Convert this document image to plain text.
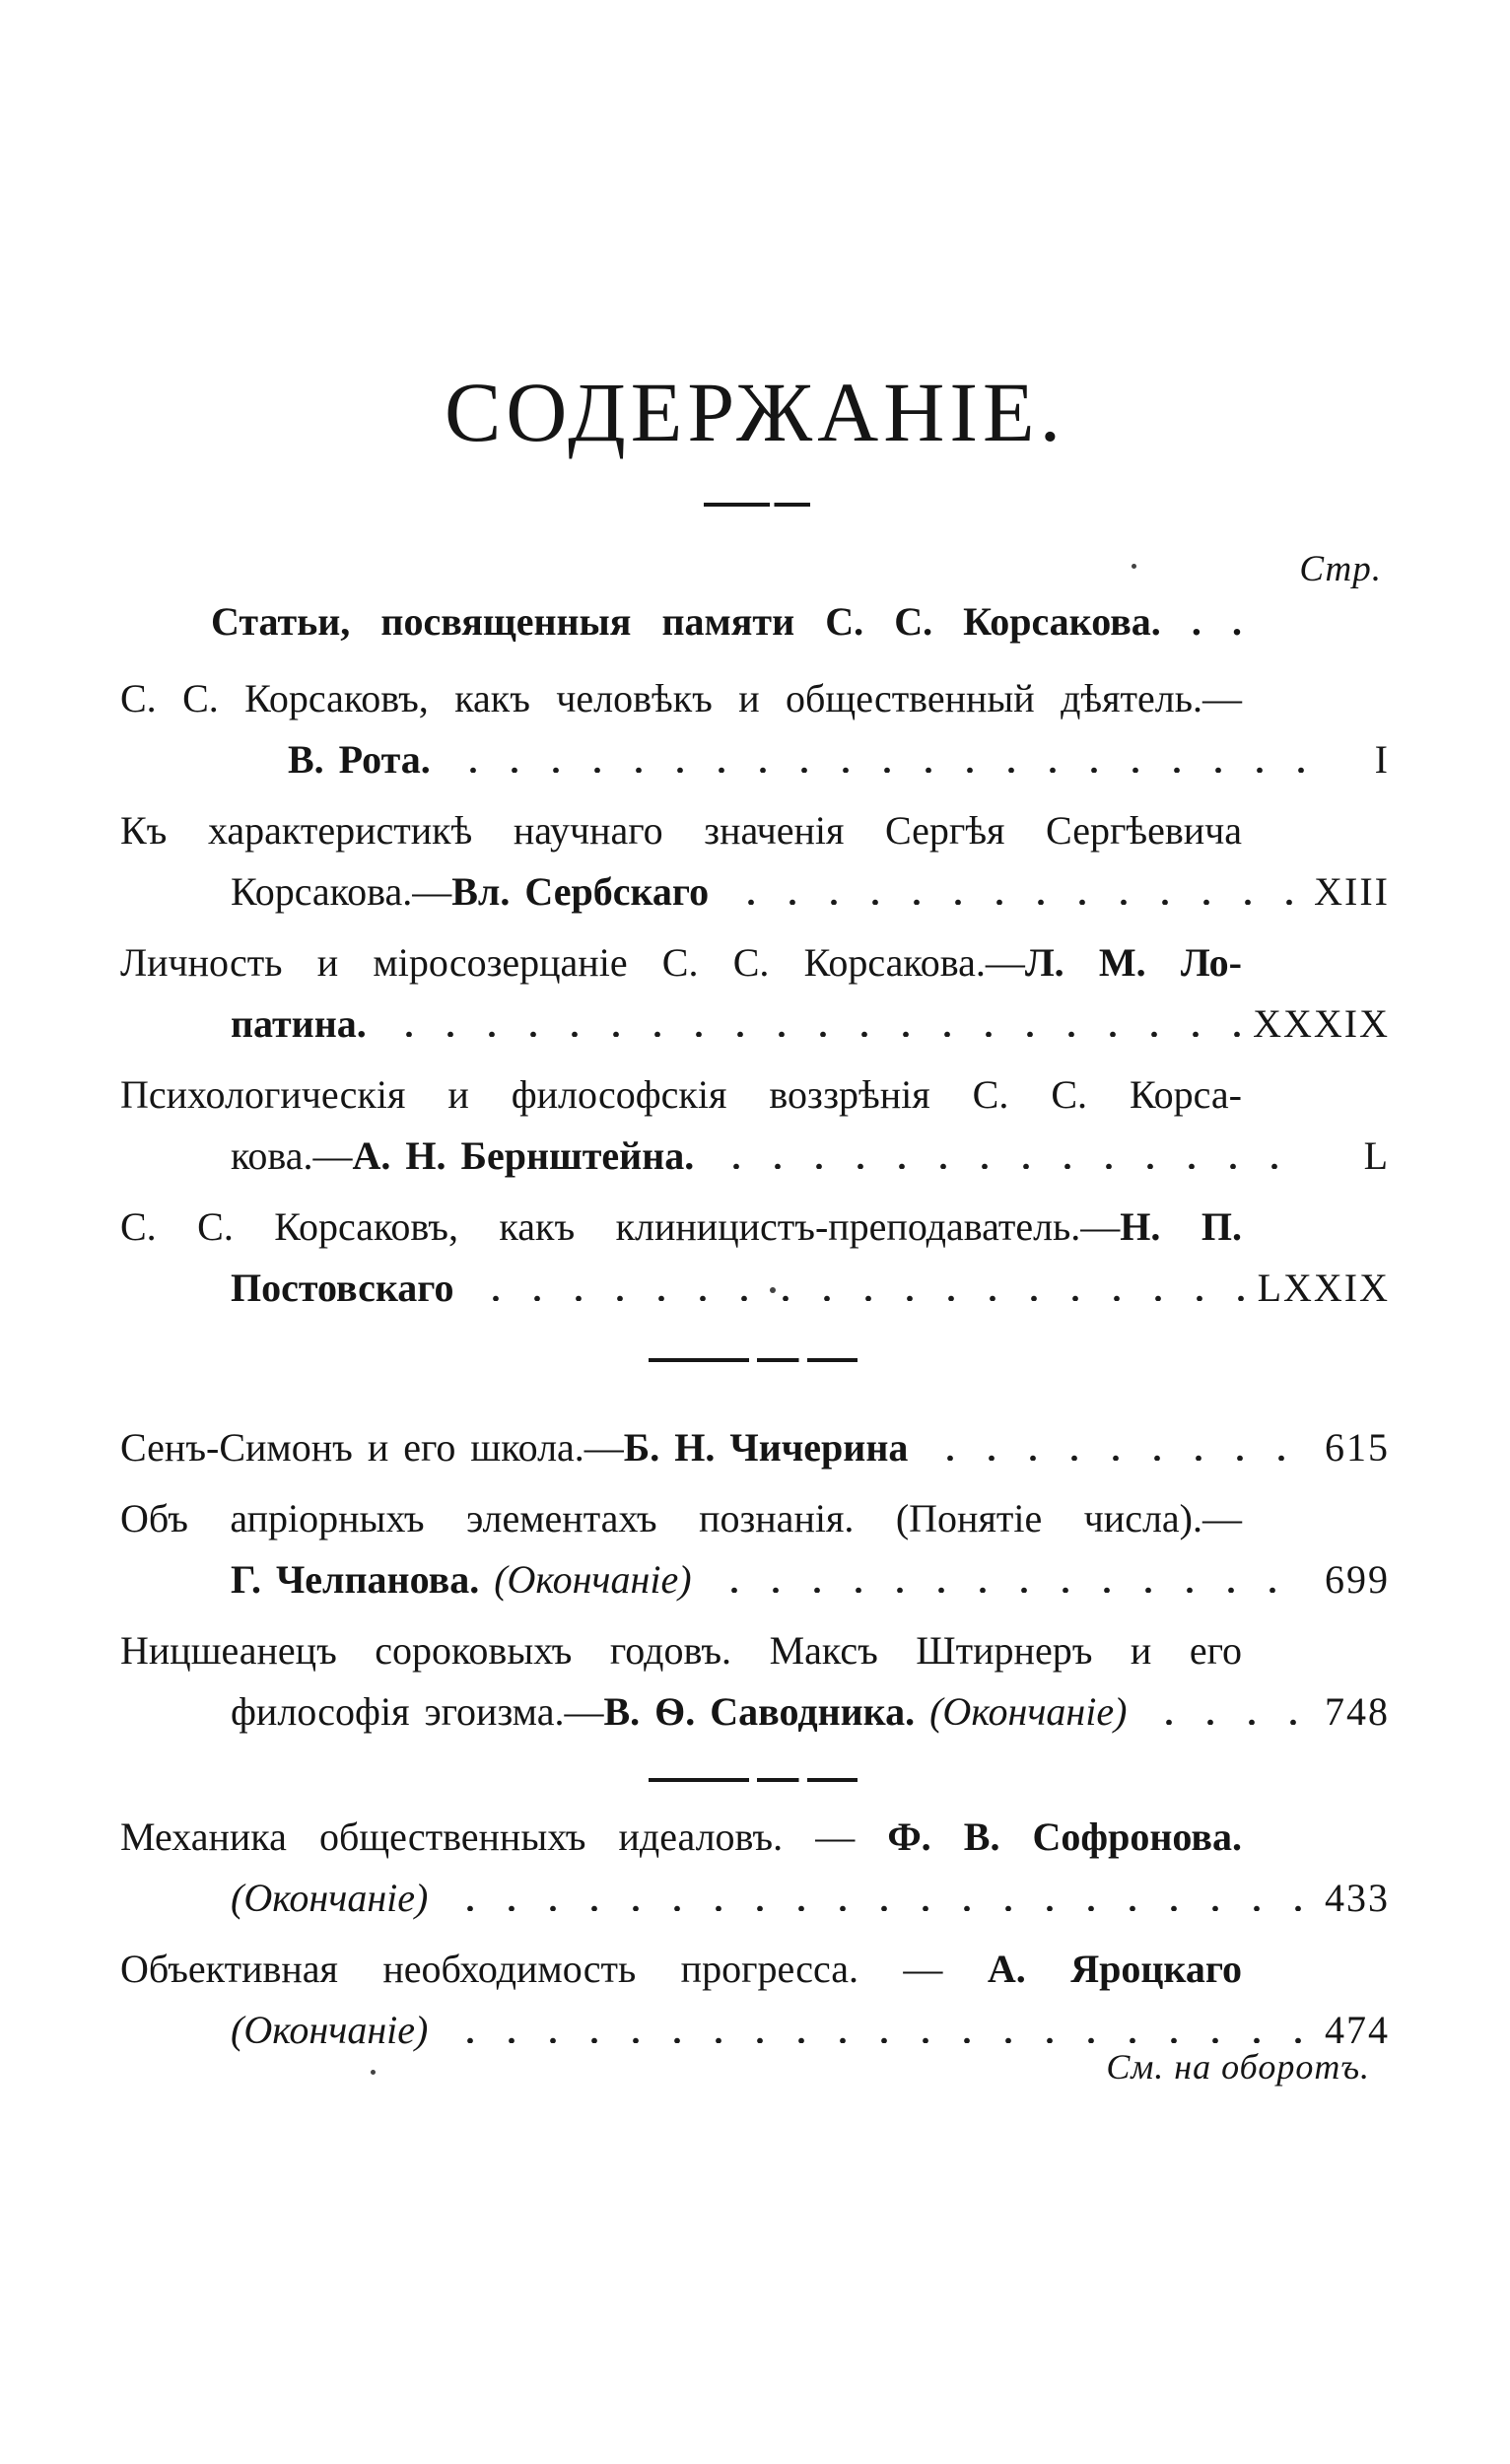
СОДЕРЖАНІЕ.
Стр.
Статьи, посвященныя памяти С. С. Корсакова. . .
С. С. Корсаковъ, какъ человѣкъ и общественный дѣятель.—
В. Рота.	I
Къ характеристикѣ научнаго значенія Сергѣя Сергѣевича
Корсакова.—Вл. Сербскаго	XIII
Личность и міросозерцаніе С. С. Корсакова.—Л. М. Ло-
патина.	XXXIX
Психологическія и философскія воззрѣнія С. С. Корса-
кова.—А. Н. Бернштейна.	L
С. С. Корсаковъ, какъ клиницистъ-преподаватель.—Н. П.
Постовскаго	LXXIX
Сенъ-Симонъ и его школа.—Б. Н. Чичерина	615
Объ апріорныхъ элементахъ познанія. (Понятіе числа).—
Г. Челпанова. (Окончаніе)	699
Ницшеанецъ сороковыхъ годовъ. Максъ Штирнеръ и его
философія эгоизма.—В. Ѳ. Саводника. (Окончаніе)	748
Механика общественныхъ идеаловъ. — Ф. В. Софронова.
(Окончаніе)	433
Объективная необходимость прогресса. — А. Яроцкаго
(Окончаніе)	474
См. на оборотъ.
